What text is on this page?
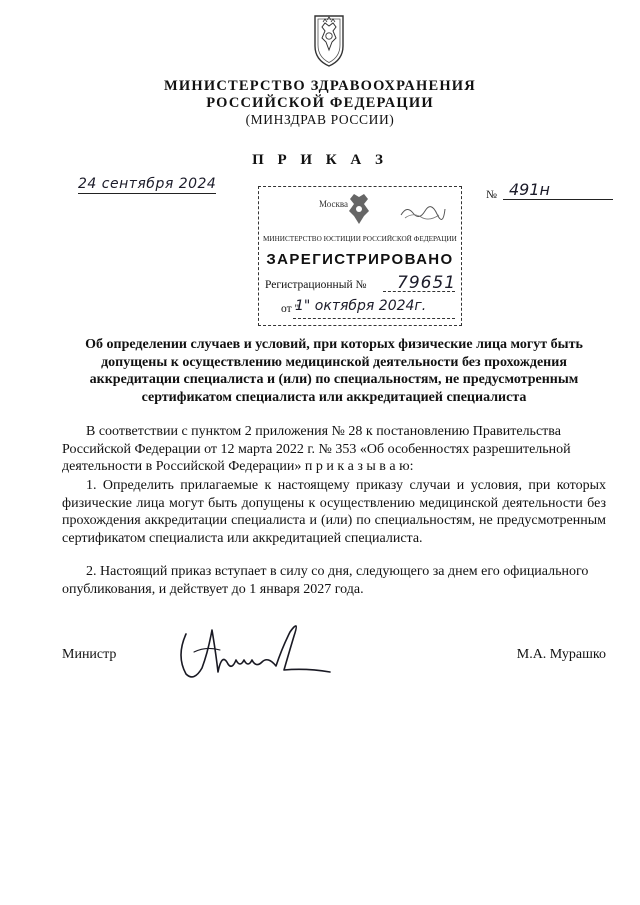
МИНИСТЕРСТВО ЗДРАВООХРАНЕНИЯ
РОССИЙСКОЙ ФЕДЕРАЦИИ
(МИНЗДРАВ РОССИИ)
П Р И К А З
24 сентября 2024
№ 491н
Москва
МИНИСТЕРСТВО ЮСТИЦИИ РОССИЙСКОЙ ФЕДЕРАЦИИ
ЗАРЕГИСТРИРОВАНО
Регистрационный № 79651
от "
1" октября 2024г.
Об определении случаев и условий, при которых физические лица могут быть допущены к осуществлению медицинской деятельности без прохождения аккредитации специалиста и (или) по специальностям, не предусмотренным сертификатом специалиста или аккредитацией специалиста

В соответствии с пунктом 2 приложения № 28 к постановлению Правительства Российской Федерации от 12 марта 2022 г. № 353 «Об особенностях разрешительной деятельности в Российской Федерации» п р и к а з ы в а ю:

1. Определить прилагаемые к настоящему приказу случаи и условия, при которых физические лица могут быть допущены к осуществлению медицинской деятельности без прохождения аккредитации специалиста и (или) по специальностям, не предусмотренным сертификатом специалиста или аккредитацией специалиста.

2. Настоящий приказ вступает в силу со дня, следующего за днем его официального опубликования, и действует до 1 января 2027 года.

Министр	М.А. Мурашко
